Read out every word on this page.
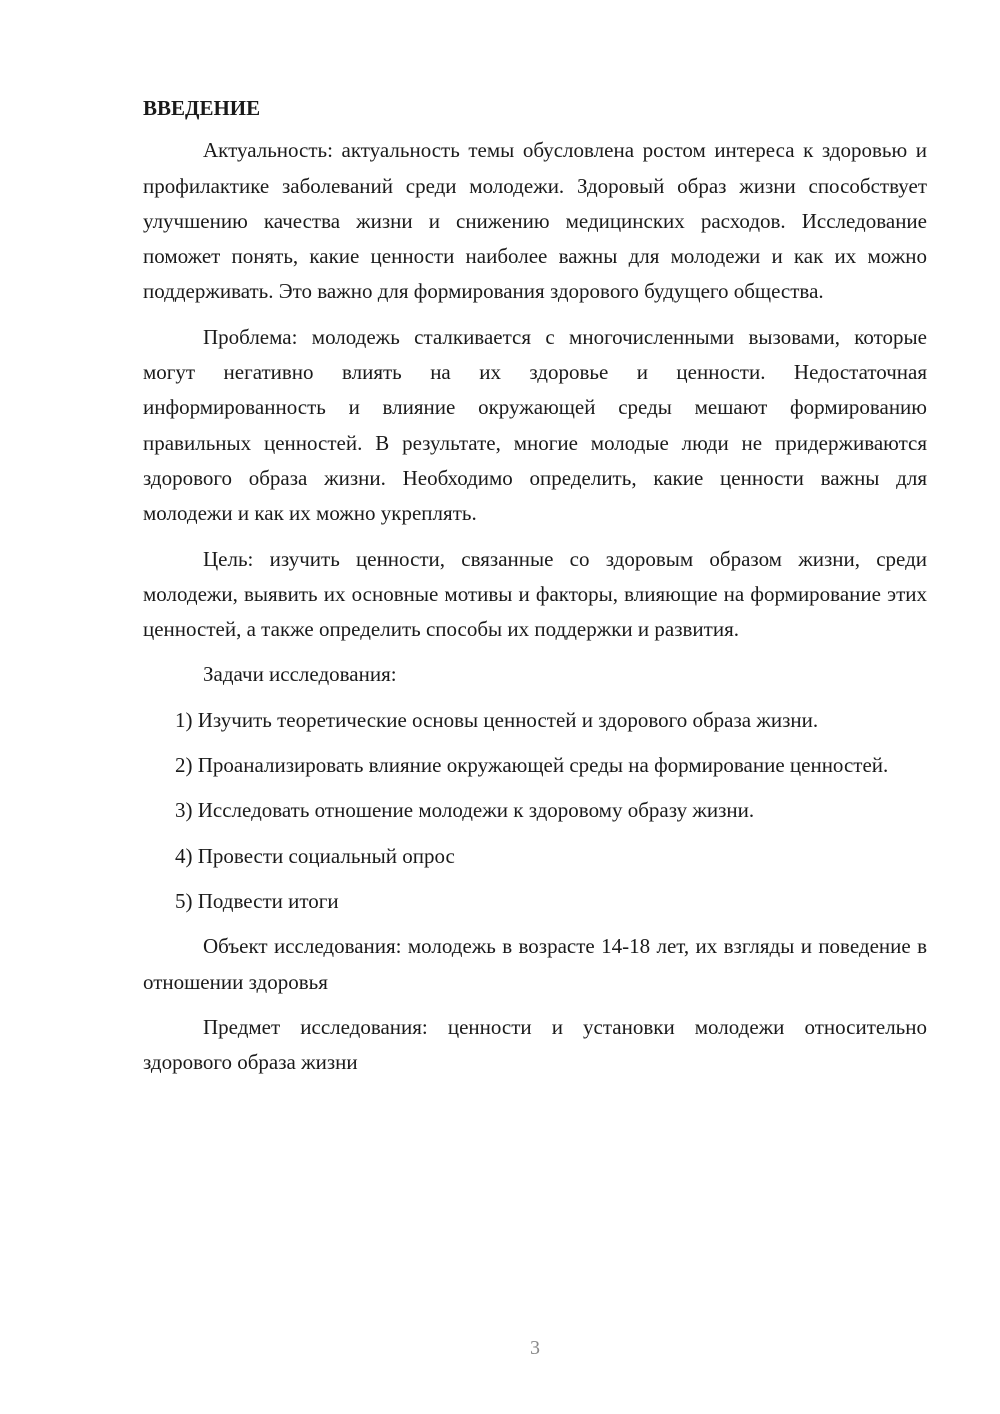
ВВЕДЕНИЕ

Актуальность: актуальность темы обусловлена ростом интереса к здоровью и профилактике заболеваний среди молодежи. Здоровый образ жизни способствует улучшению качества жизни и снижению медицинских расходов. Исследование поможет понять, какие ценности наиболее важны для молодежи и как их можно поддерживать. Это важно для формирования здорового будущего общества.

Проблема: молодежь сталкивается с многочисленными вызовами, которые могут негативно влиять на их здоровье и ценности. Недостаточная информированность и влияние окружающей среды мешают формированию правильных ценностей. В результате, многие молодые люди не придерживаются здорового образа жизни. Необходимо определить, какие ценности важны для молодежи и как их можно укреплять.

Цель: изучить ценности, связанные со здоровым образом жизни, среди молодежи, выявить их основные мотивы и факторы, влияющие на формирование этих ценностей, а также определить способы их поддержки и развития.

Задачи исследования:

1) Изучить теоретические основы ценностей и здорового образа жизни.

2) Проанализировать влияние окружающей среды на формирование ценностей.

3) Исследовать отношение молодежи к здоровому образу жизни.

4) Провести социальный опрос

5) Подвести итоги

Объект исследования: молодежь в возрасте 14-18 лет, их взгляды и поведение в отношении здоровья

Предмет исследования: ценности и установки молодежи относительно здорового образа жизни

3
